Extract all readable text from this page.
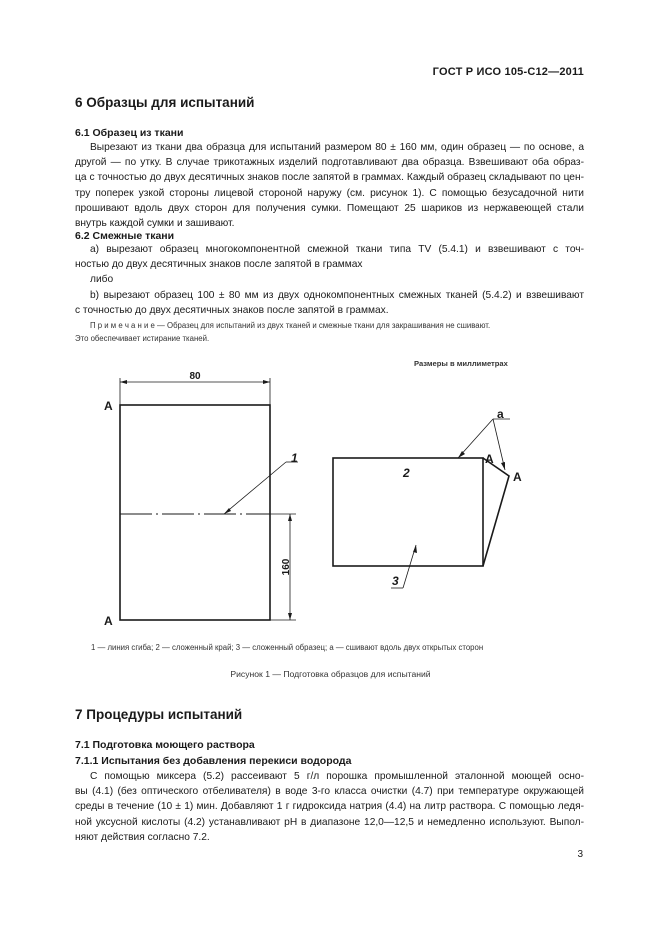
ГОСТ Р ИСО 105-С12—2011
6 Образцы для испытаний
6.1 Образец из ткани
Вырезают из ткани два образца для испытаний размером 80 ± 160 мм, один образец — по основе, а
другой — по утку. В случае трикотажных изделий подготавливают два образца. Взвешивают оба образ-
ца с точностью до двух десятичных знаков после запятой в граммах. Каждый образец складывают по цен-
тру поперек узкой стороны лицевой стороной наружу (см. рисунок 1). С помощью безусадочной нити
прошивают вдоль двух сторон для получения сумки. Помещают 25 шариков из нержавеющей стали
внутрь каждой сумки и зашивают.
6.2 Смежные ткани
а) вырезают образец многокомпонентной смежной ткани типа TV (5.4.1) и взвешивают с точ-
ностью до двух десятичных знаков после запятой в граммах
либо
b) вырезают образец 100 ± 80 мм из двух однокомпонентных смежных тканей (5.4.2) и взвешивают
с точностью до двух десятичных знаков после запятой в граммах.
П р и м е ч а н и е — Образец для испытаний из двух тканей и смежные ткани для закрашивания не сшивают.
Это обеспечивает истирание тканей.
Размеры в миллиметрах
80
160
A
A
1
2
3
a
A
A
1 — линия сгиба; 2 — сложенный край; 3 — сложенный образец; а — сшивают вдоль двух открытых сторон
Рисунок 1 — Подготовка образцов для испытаний
7 Процедуры испытаний
7.1 Подготовка моющего раствора
7.1.1 Испытания без добавления перекиси водорода
С помощью миксера (5.2) рассеивают 5 г/л порошка промышленной эталонной моющей осно-
вы (4.1) (без оптического отбеливателя) в воде 3-го класса очистки (4.7) при температуре окружающей
среды в течение (10 ± 1) мин. Добавляют 1 г гидроксида натрия (4.4) на литр раствора. С помощью ледя-
ной уксусной кислоты (4.2) устанавливают pH в диапазоне 12,0—12,5 и немедленно используют. Выпол-
няют действия согласно 7.2.
3
